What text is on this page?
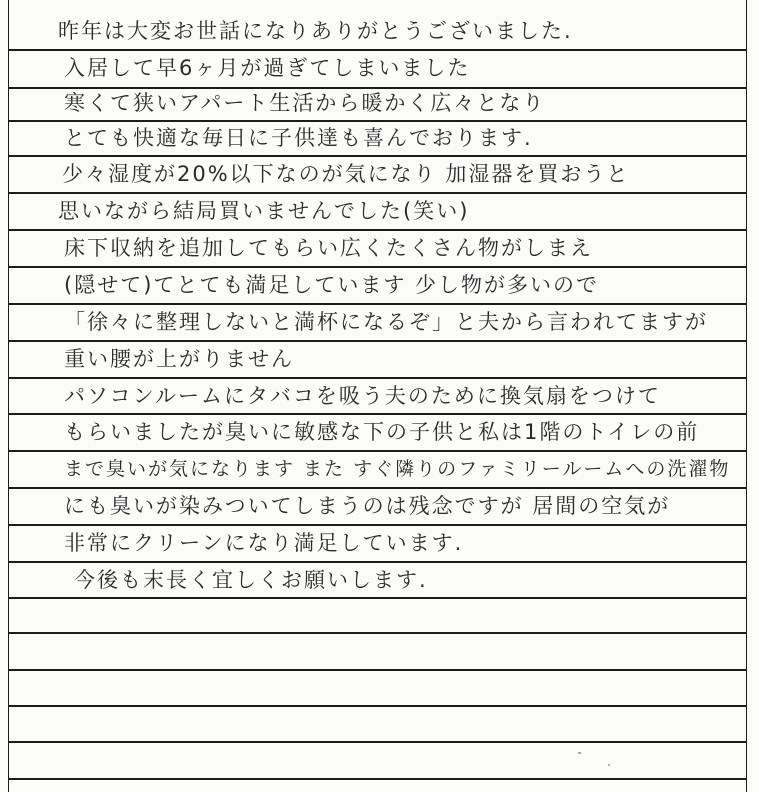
昨年は大変お世話になりありがとうございました.
入居して早6ヶ月が過ぎてしまいました
寒くて狭いアパート生活から暖かく広々となり
とても快適な毎日に子供達も喜んでおります.
少々湿度が20%以下なのが気になり 加湿器を買おうと
思いながら結局買いませんでした(笑い)
床下収納を追加してもらい広くたくさん物がしまえ
(隠せて)てとても満足しています 少し物が多いので
「徐々に整理しないと満杯になるぞ」と夫から言われてますが
重い腰が上がりません
パソコンルームにタバコを吸う夫のために換気扇をつけて
もらいましたが臭いに敏感な下の子供と私は1階のトイレの前
まで臭いが気になります また すぐ隣りのファミリールームへの洗濯物
にも臭いが染みついてしまうのは残念ですが 居間の空気が
非常にクリーンになり満足しています.
今後も末長く宜しくお願いします.
